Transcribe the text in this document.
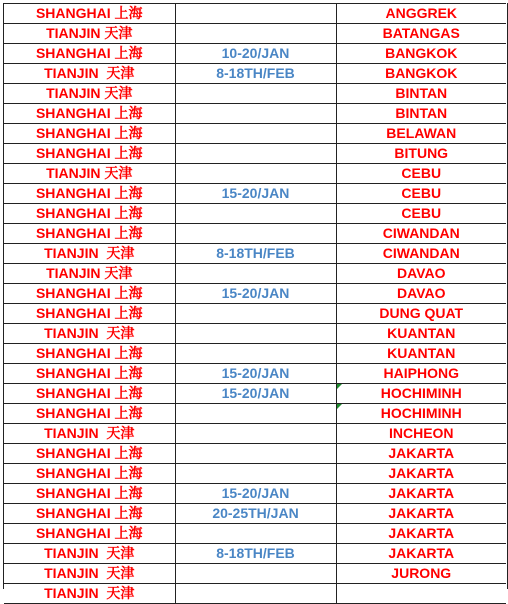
SHANGHAI 上海		ANGGREK
TIANJIN 天津		BATANGAS
SHANGHAI 上海	10-20/JAN	BANGKOK
TIANJIN  天津	8-18TH/FEB	BANGKOK
TIANJIN 天津		BINTAN
SHANGHAI 上海		BINTAN
SHANGHAI 上海		BELAWAN
SHANGHAI 上海		BITUNG
TIANJIN 天津		CEBU
SHANGHAI 上海	15-20/JAN	CEBU
SHANGHAI 上海		CEBU
SHANGHAI 上海		CIWANDAN
TIANJIN  天津	8-18TH/FEB	CIWANDAN
TIANJIN 天津		DAVAO
SHANGHAI 上海	15-20/JAN	DAVAO
SHANGHAI 上海		DUNG QUAT
TIANJIN  天津		KUANTAN
SHANGHAI 上海		KUANTAN
SHANGHAI 上海	15-20/JAN	HAIPHONG
SHANGHAI 上海	15-20/JAN	HOCHIMINH

SHANGHAI 上海		HOCHIMINH

TIANJIN  天津		INCHEON
SHANGHAI 上海		JAKARTA
SHANGHAI 上海		JAKARTA
SHANGHAI 上海	15-20/JAN	JAKARTA
SHANGHAI 上海	20-25TH/JAN	JAKARTA
SHANGHAI 上海		JAKARTA
TIANJIN  天津	8-18TH/FEB	JAKARTA
TIANJIN  天津		JURONG
TIANJIN  天津		
